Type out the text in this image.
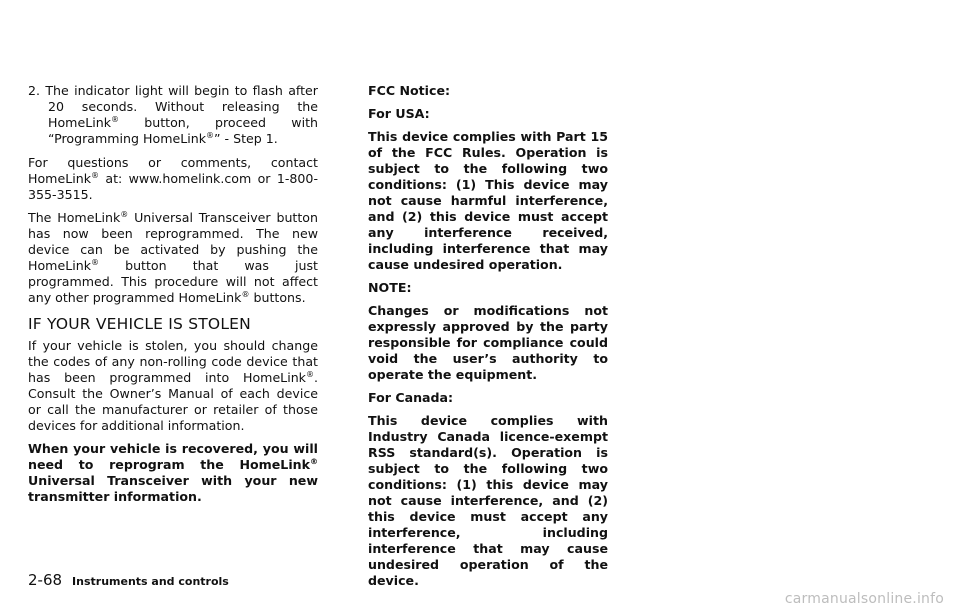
2. The indicator light will begin to flash after 20 seconds. Without releasing the HomeLink® button, proceed with “Programming HomeLink®” - Step 1.

For questions or comments, contact HomeLink® at: www.homelink.com or 1-800-355-3515.

The HomeLink® Universal Transceiver button has now been reprogrammed. The new device can be activated by pushing the HomeLink® button that was just programmed. This procedure will not affect any other programmed HomeLink® buttons.

IF YOUR VEHICLE IS STOLEN

If your vehicle is stolen, you should change the codes of any non-rolling code device that has been programmed into HomeLink®. Consult the Owner’s Manual of each device or call the manufacturer or retailer of those devices for additional information.

When your vehicle is recovered, you will need to reprogram the HomeLink® Universal Transceiver with your new transmitter information.

FCC Notice:

For USA:

This device complies with Part 15 of the FCC Rules. Operation is subject to the following two conditions: (1) This device may not cause harmful interference, and (2) this device must accept any interference received, including interference that may cause undesired operation.

NOTE:

Changes or modifications not expressly approved by the party responsible for compliance could void the user’s authority to operate the equipment.

For Canada:

This device complies with Industry Canada licence-exempt RSS standard(s). Operation is subject to the following two conditions: (1) this device may not cause interference, and (2) this device must accept any interference, including interference that may cause undesired operation of the device.

2-68 Instruments and controls
carmanualsonline.info
